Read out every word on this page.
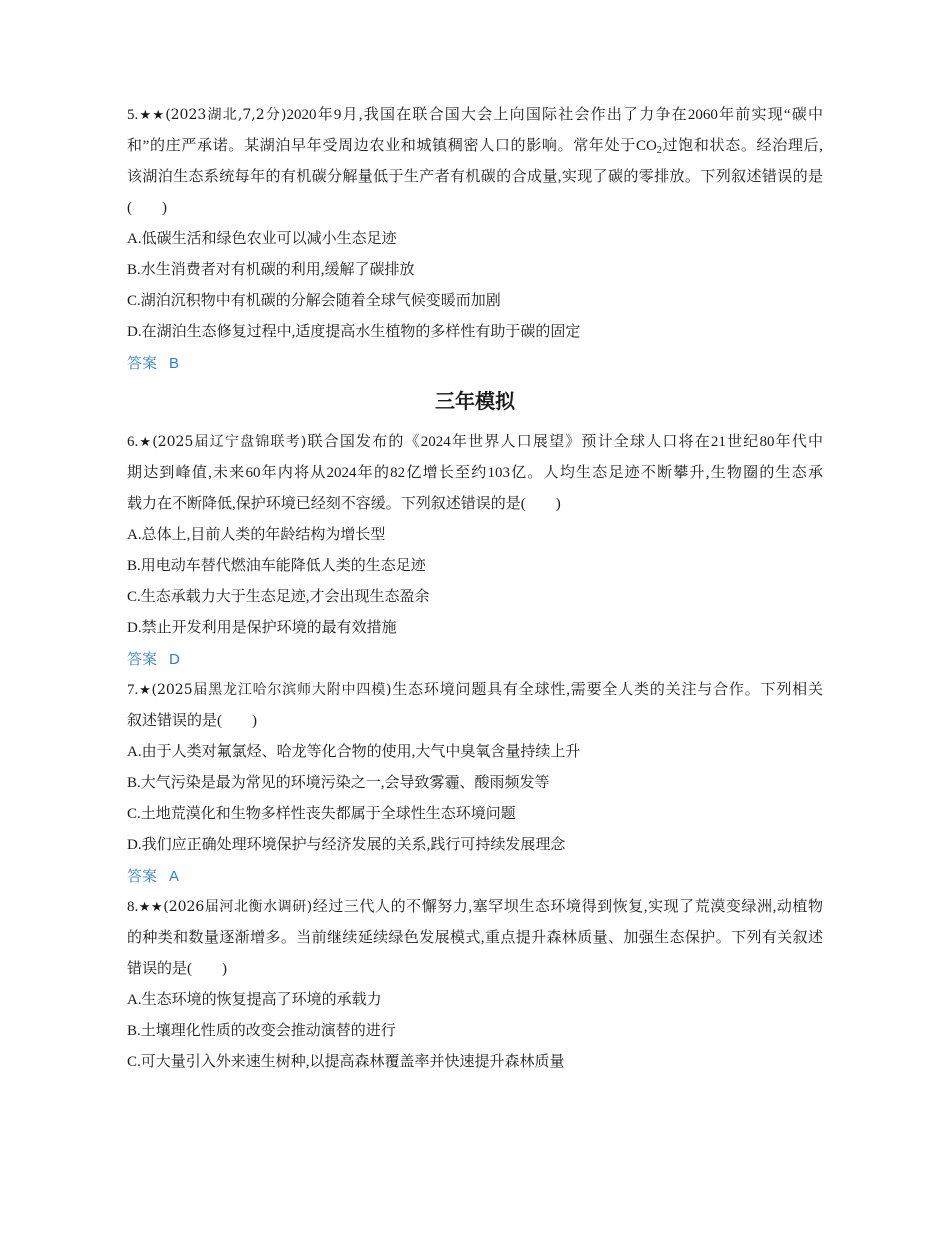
5.★★(2023湖北,7,2分)2020年9月,我国在联合国大会上向国际社会作出了力争在2060年前实现“碳中
和”的庄严承诺。某湖泊早年受周边农业和城镇稠密人口的影响。常年处于$CO_2$过饱和状态。经治理后,
该湖泊生态系统每年的有机碳分解量低于生产者有机碳的合成量,实现了碳的零排放。下列叙述错误的是
(　　)
A.低碳生活和绿色农业可以减小生态足迹
B.水生消费者对有机碳的利用,缓解了碳排放
C.湖泊沉积物中有机碳的分解会随着全球气候变暖而加剧
D.在湖泊生态修复过程中,适度提高水生植物的多样性有助于碳的固定
答案 B
三年模拟
6.★(2025届辽宁盘锦联考)联合国发布的《2024年世界人口展望》预计全球人口将在21世纪80年代中
期达到峰值,未来60年内将从2024年的82亿增长至约103亿。人均生态足迹不断攀升,生物圈的生态承
载力在不断降低,保护环境已经刻不容缓。下列叙述错误的是(　　)
A.总体上,目前人类的年龄结构为增长型
B.用电动车替代燃油车能降低人类的生态足迹
C.生态承载力大于生态足迹,才会出现生态盈余
D.禁止开发利用是保护环境的最有效措施
答案 D
7.★(2025届黑龙江哈尔滨师大附中四模)生态环境问题具有全球性,需要全人类的关注与合作。下列相关
叙述错误的是(　　)
A.由于人类对氟氯烃、哈龙等化合物的使用,大气中臭氧含量持续上升
B.大气污染是最为常见的环境污染之一,会导致雾霾、酸雨频发等
C.土地荒漠化和生物多样性丧失都属于全球性生态环境问题
D.我们应正确处理环境保护与经济发展的关系,践行可持续发展理念
答案 A
8.★★(2026届河北衡水调研)经过三代人的不懈努力,塞罕坝生态环境得到恢复,实现了荒漠变绿洲,动植物
的种类和数量逐渐增多。当前继续延续绿色发展模式,重点提升森林质量、加强生态保护。下列有关叙述
错误的是(　　)
A.生态环境的恢复提高了环境的承载力
B.土壤理化性质的改变会推动演替的进行
C.可大量引入外来速生树种,以提高森林覆盖率并快速提升森林质量
